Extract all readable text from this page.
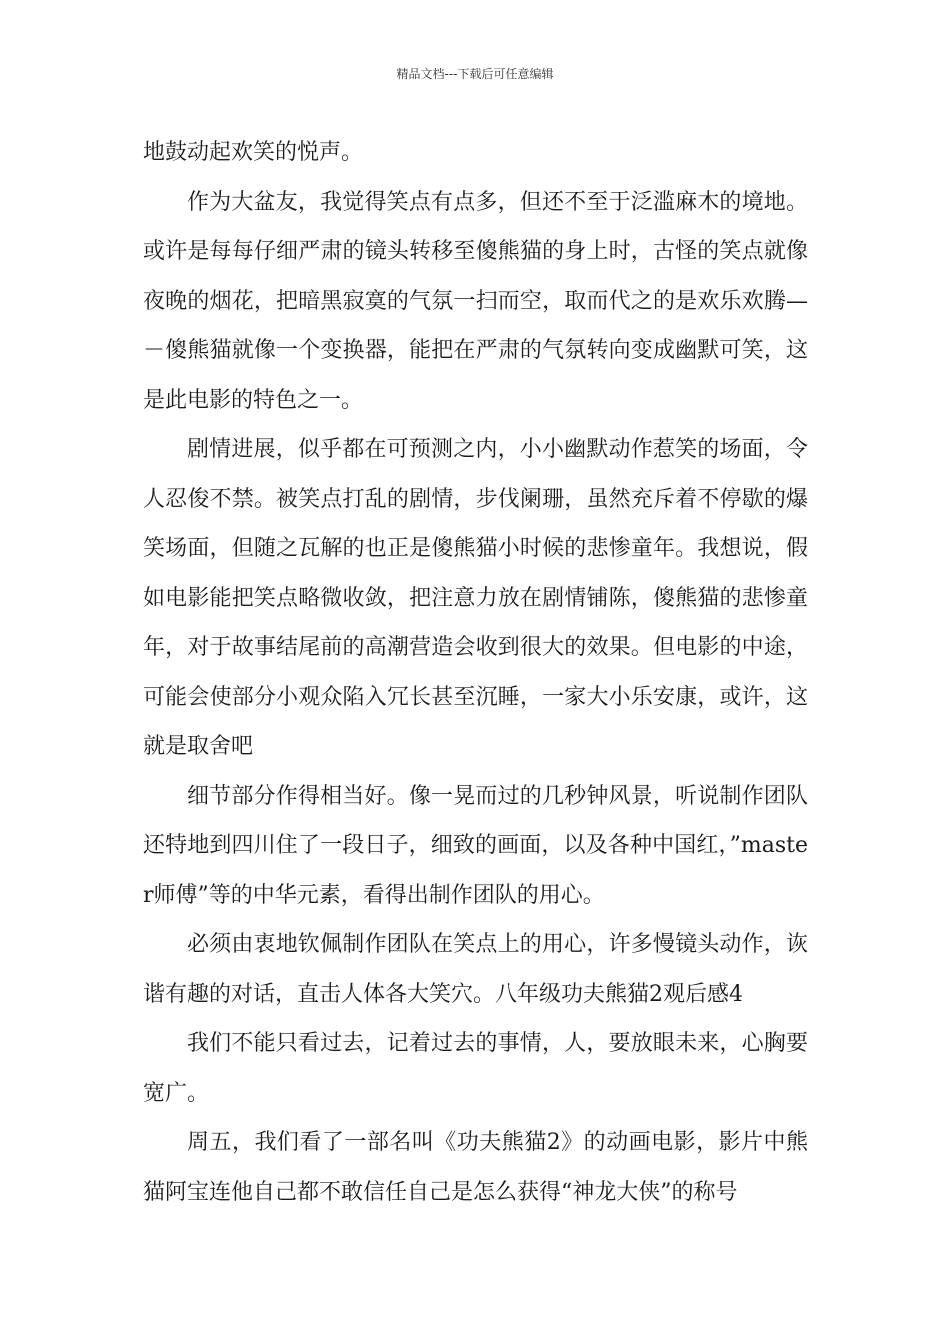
精品文档---下载后可任意编辑

地鼓动起欢笑的悦声。

作为大盆友，我觉得笑点有点多，但还不至于泛滥麻木的境地。或许是每每仔细严肃的镜头转移至傻熊猫的身上时，古怪的笑点就像夜晚的烟花，把暗黑寂寞的气氛一扫而空，取而代之的是欢乐欢腾—－傻熊猫就像一个变换器，能把在严肃的气氛转向变成幽默可笑，这是此电影的特色之一。

剧情进展，似乎都在可预测之内，小小幽默动作惹笑的场面，令人忍俊不禁。被笑点打乱的剧情，步伐阑珊，虽然充斥着不停歇的爆笑场面，但随之瓦解的也正是傻熊猫小时候的悲惨童年。我想说，假如电影能把笑点略微收敛，把注意力放在剧情铺陈，傻熊猫的悲惨童年，对于故事结尾前的高潮营造会收到很大的效果。但电影的中途，可能会使部分小观众陷入冗长甚至沉睡，一家大小乐安康，或许，这就是取舍吧

细节部分作得相当好。像一晃而过的几秒钟风景，听说制作团队还特地到四川住了一段日子，细致的画面，以及各种中国红，”master师傅”等的中华元素，看得出制作团队的用心。

必须由衷地钦佩制作团队在笑点上的用心，许多慢镜头动作，诙谐有趣的对话，直击人体各大笑穴。八年级功夫熊猫2观后感4

我们不能只看过去，记着过去的事情，人，要放眼未来，心胸要宽广。

周五，我们看了一部名叫《功夫熊猫2》的动画电影，影片中熊猫阿宝连他自己都不敢信任自己是怎么获得“神龙大侠”的称号
